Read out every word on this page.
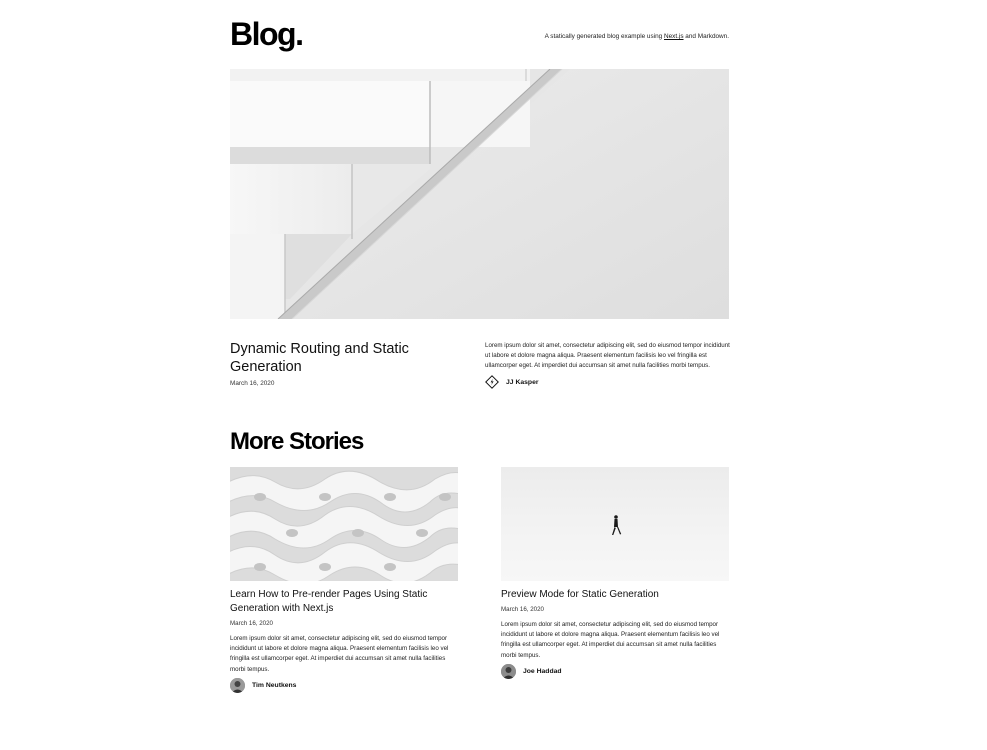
Blog.	A statically generated blog example using Next.js and Markdown.
Dynamic Routing and Static Generation
March 16, 2020
Lorem ipsum dolor sit amet, consectetur adipiscing elit, sed do eiusmod tempor incididunt ut labore et dolore magna aliqua. Praesent elementum facilisis leo vel fringilla est ullamcorper eget. At imperdiet dui accumsan sit amet nulla facilities morbi tempus.
JJ Kasper
More Stories
Learn How to Pre-render Pages Using Static Generation with Next.js
March 16, 2020
Lorem ipsum dolor sit amet, consectetur adipiscing elit, sed do eiusmod tempor incididunt ut labore et dolore magna aliqua. Praesent elementum facilisis leo vel fringilla est ullamcorper eget. At imperdiet dui accumsan sit amet nulla facilities morbi tempus.
Tim Neutkens
Preview Mode for Static Generation
March 16, 2020
Lorem ipsum dolor sit amet, consectetur adipiscing elit, sed do eiusmod tempor incididunt ut labore et dolore magna aliqua. Praesent elementum facilisis leo vel fringilla est ullamcorper eget. At imperdiet dui accumsan sit amet nulla facilities morbi tempus.
Joe Haddad
